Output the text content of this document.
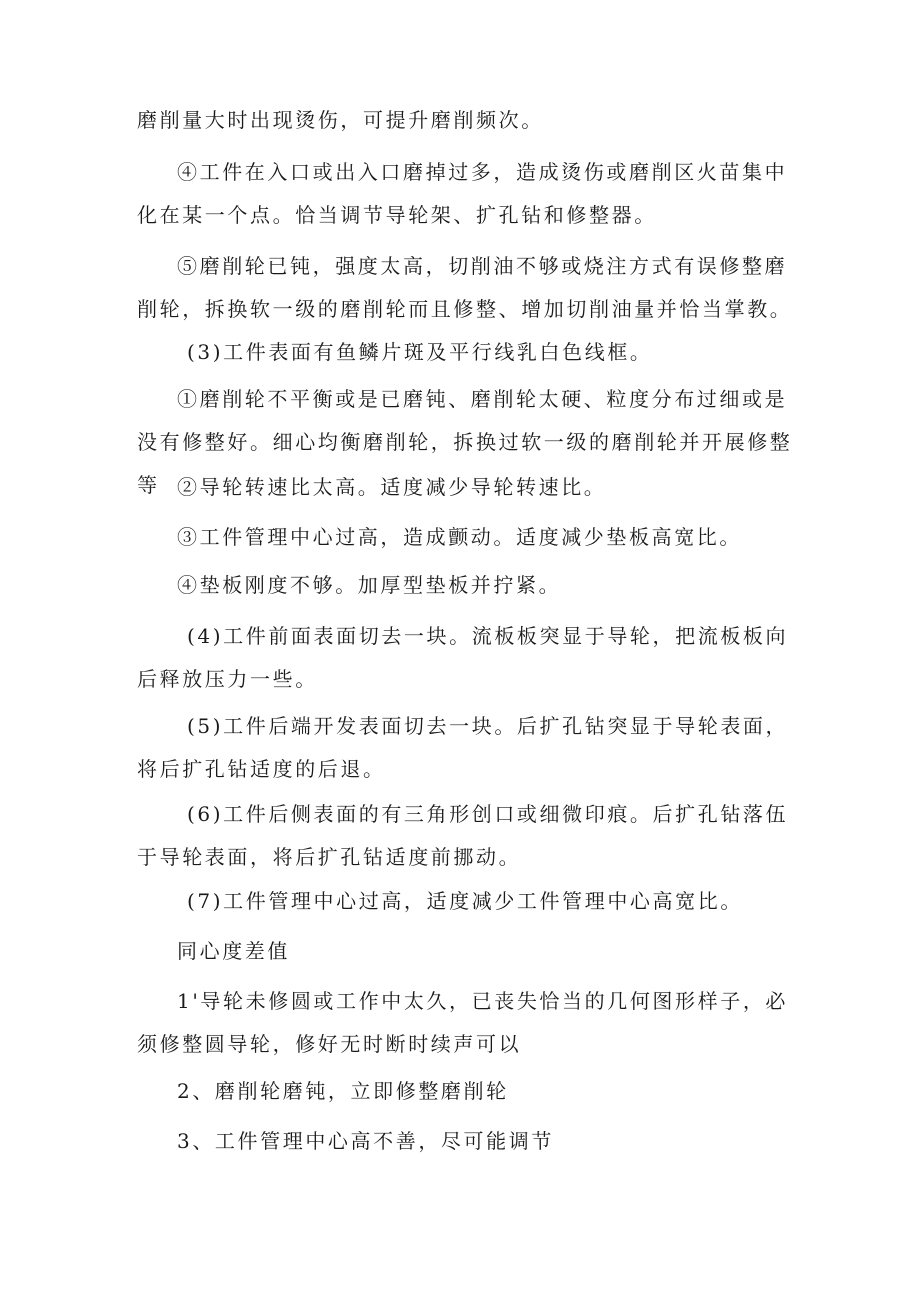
磨削量大时出现烫伤，可提升磨削频次。

④工件在入口或出入口磨掉过多，造成烫伤或磨削区火苗集中化在某一个点。恰当调节导轮架、扩孔钻和修整器。

⑤磨削轮已钝，强度太高，切削油不够或烧注方式有误修整磨削轮，拆换软一级的磨削轮而且修整、增加切削油量并恰当掌教。

(3)工件表面有鱼鳞片斑及平行线乳白色线框。

①磨削轮不平衡或是已磨钝、磨削轮太硬、粒度分布过细或是没有修整好。细心均衡磨削轮，拆换过软一级的磨削轮并开展修整等 ②导轮转速比太高。适度减少导轮转速比。

③工件管理中心过高，造成颤动。适度减少垫板高宽比。

④垫板刚度不够。加厚型垫板并拧紧。

(4)工件前面表面切去一块。流板板突显于导轮，把流板板向后释放压力一些。

(5)工件后端开发表面切去一块。后扩孔钻突显于导轮表面，将后扩孔钻适度的后退。

(6)工件后侧表面的有三角形创口或细微印痕。后扩孔钻落伍于导轮表面，将后扩孔钻适度前挪动。

(7)工件管理中心过高，适度减少工件管理中心高宽比。

同心度差值

1'导轮未修圆或工作中太久，已丧失恰当的几何图形样子，必须修整圆导轮，修好无时断时续声可以

2、磨削轮磨钝，立即修整磨削轮

3、工件管理中心高不善，尽可能调节
